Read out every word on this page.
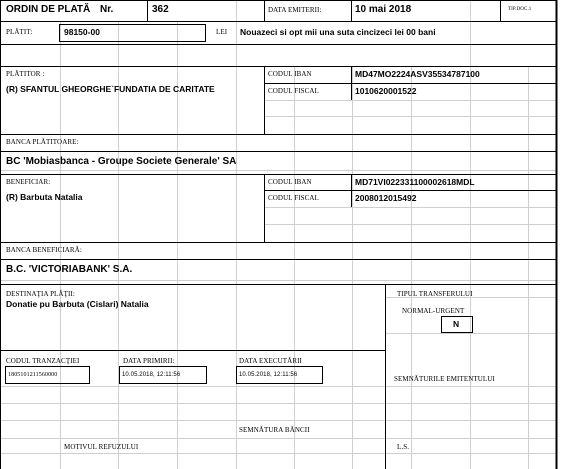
ORDIN DE PLATĂ Nr.	362	DATA EMITERII:	10 mai 2018	TIP.DOC.1
PLĂTIT:	98150-00	LEI Nouazeci si opt mii una suta cincizeci lei 00 bani
PLĂTITOR :
(R) SFANTUL GHEORGHE`FUNDATIA DE CARITATE
CODUL IBAN	MD47MO2224ASV35534787100
CODUL FISCAL	1010620001522
BANCA PLĂTITOARE:
BC 'Mobiasbanca - Groupe Societe Generale' SA
BENEFICIAR:
(R) Barbuta Natalia
CODUL IBAN	MD71VI022331100002618MDL
CODUL FISCAL	2008012015492
BANCA BENEFICIARĂ:
B.C. 'VICTORIABANK' S.A.
DESTINAŢIA PLĂŢII:
Donatie pu Barbuta (Cislari) Natalia
TIPUL TRANSFERULUI
NORMAL-URGENT
N
CODUL TRANZACŢIEI
1805101211560000
DATA PRIMIRII:
10.05.2018, 12:11:56
DATA EXECUTĂRII
10.05.2018, 12:11:56	SEMNĂTURILE EMITENTULUI
SEMNĂTURA BĂNCII
MOTIVUL REFUZULUI	L.S.
